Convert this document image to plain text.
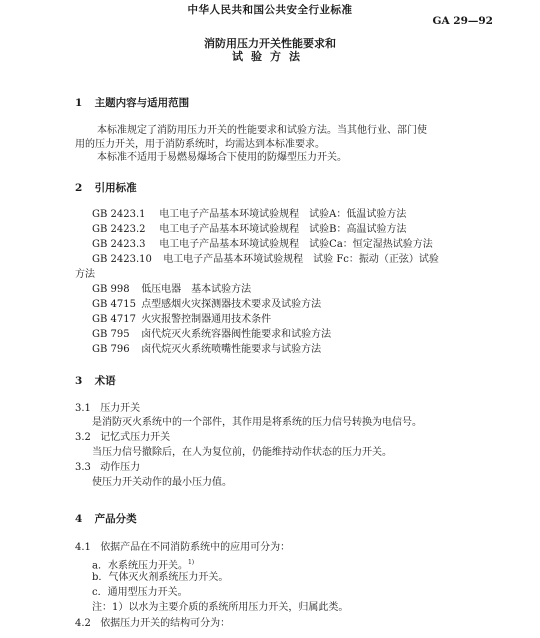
中华人民共和国公共安全行业标准
GA 29—92
消防用压力开关性能要求和
试验方法
1 主题内容与适用范围
本标准规定了消防用压力开关的性能要求和试验方法。当其他行业、部门使
用的压力开关，用于消防系统时，均需达到本标准要求。
本标准不适用于易燃易爆场合下使用的防爆型压力开关。
2 引用标准
GB 2423.1 电工电子产品基本环境试验规程　试验A：低温试验方法
GB 2423.2 电工电子产品基本环境试验规程　试验B：高温试验方法
GB 2423.3 电工电子产品基本环境试验规程　试验Ca：恒定湿热试验方法
GB 2423.10 电工电子产品基本环境试验规程　试验 Fc：振动（正弦）试验
方法
GB 998 低压电器　基本试验方法
GB 4715 点型感烟火灾探测器技术要求及试验方法
GB 4717 火灾报警控制器通用技术条件
GB 795 卤代烷灭火系统容器阀性能要求和试验方法
GB 796 卤代烷灭火系统喷嘴性能要求与试验方法
3 术语
3.1 压力开关
是消防灭火系统中的一个部件，其作用是将系统的压力信号转换为电信号。
3.2 记忆式压力开关
当压力信号撤除后，在人为复位前，仍能维持动作状态的压力开关。
3.3 动作压力
使压力开关动作的最小压力值。
4 产品分类
4.1 依据产品在不同消防系统中的应用可分为：
a．水系统压力开关。$^{1)}$
b．气体灭火剂系统压力开关。
c．通用型压力开关。
注：1）以水为主要介质的系统所用压力开关，归属此类。
4.2 依据压力开关的结构可分为：
